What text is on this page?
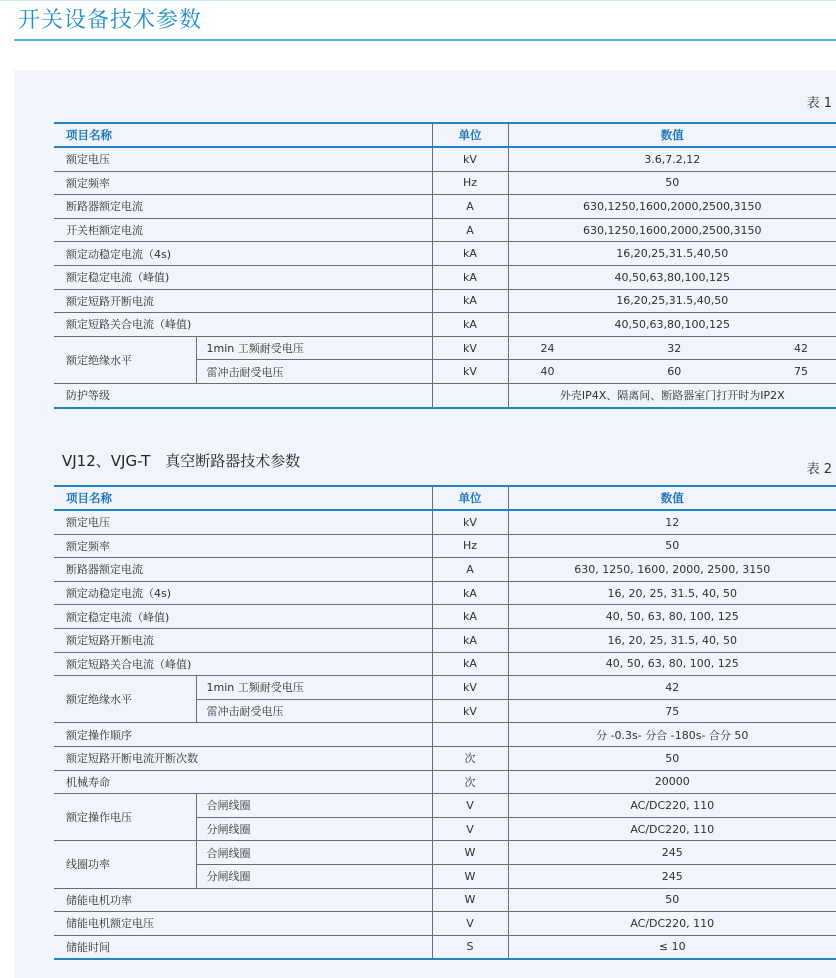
开关设备技术参数
表 1
项目名称		单位	数值
额定电压		kV	3.6,7.2,12
额定频率		Hz	50
断路器额定电流		A	630,1250,1600,2000,2500,3150
开关柜额定电流		A	630,1250,1600,2000,2500,3150
额定动稳定电流（4s)		kA	16,20,25,31.5,40,50
额定稳定电流（峰值)		kA	40,50,63,80,100,125
额定短路开断电流		kA	16,20,25,31.5,40,50
额定短路关合电流（峰值)		kA	40,50,63,80,100,125
额定绝缘水平	1min 工频耐受电压	kV	24 32 42

	雷冲击耐受电压	kV	40 60 75

防护等级			外壳IP4X、隔离间、断路器室门打开时为IP2X
VJ12、VJG-T　真空断路器技术参数	表 2
项目名称		单位	数值
额定电压		kV	12
额定频率		Hz	50
断路器额定电流		A	630, 1250, 1600, 2000, 2500, 3150
额定动稳定电流（4s)		kA	16, 20, 25, 31.5, 40, 50
额定稳定电流（峰值)		kA	40, 50, 63, 80, 100, 125
额定短路开断电流		kA	16, 20, 25, 31.5, 40, 50
额定短路关合电流（峰值)		kA	40, 50, 63, 80, 100, 125
额定绝缘水平	1min 工频耐受电压	kV	42
	雷冲击耐受电压	kV	75
额定操作顺序			分 -0.3s- 分合 -180s- 合分 50
额定短路开断电流开断次数		次	50
机械寿命		次	20000
额定操作电压	合闸线圈	V	AC/DC220, 110
	分闸线圈	V	AC/DC220, 110
线圈功率	合闸线圈	W	245
	分闸线圈	W	245
储能电机功率		W	50
储能电机额定电压		V	AC/DC220, 110
储能时间		S	≤ 10
